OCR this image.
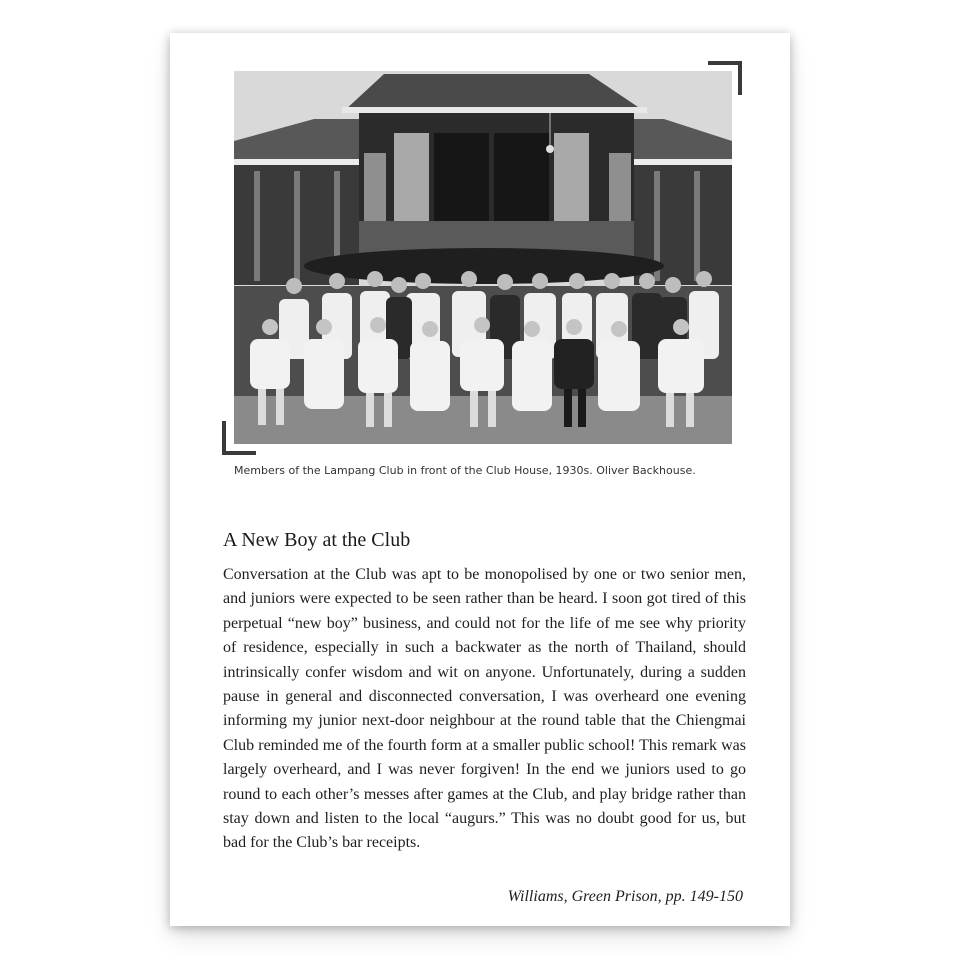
Members of the Lampang Club in front of the Club House, 1930s. Oliver Backhouse.
A New Boy at the Club

Conversation at the Club was apt to be monopolised by one or two senior men, and juniors were expected to be seen rather than be heard. I soon got tired of this perpetual “new boy” business, and could not for the life of me see why priority of residence, especially in such a backwater as the north of Thailand, should intrinsically confer wisdom and wit on anyone. Unfortunately, during a sudden pause in general and disconnected conversation, I was overheard one evening informing my junior next-door neighbour at the round table that the Chiengmai Club reminded me of the fourth form at a smaller public school! This remark was largely overheard, and I was never forgiven! In the end we juniors used to go round to each other’s messes after games at the Club, and play bridge rather than stay down and listen to the local “augurs.” This was no doubt good for us, but bad for the Club’s bar receipts.

Williams, Green Prison, pp. 149-150
